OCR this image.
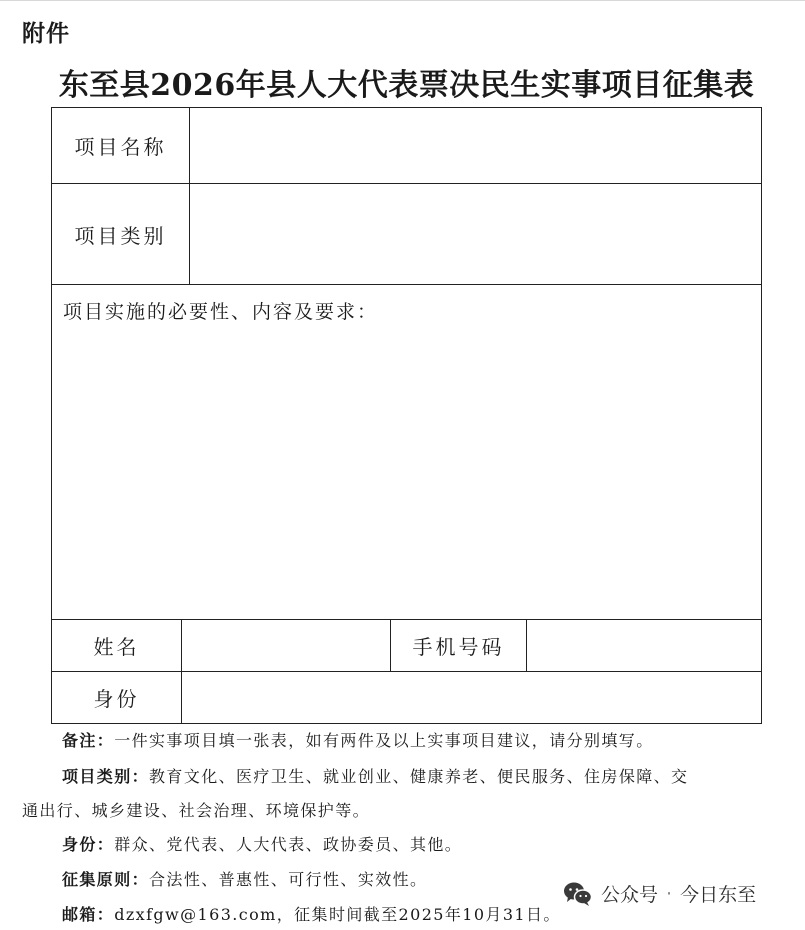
附件
东至县2026年县人大代表票决民生实事项目征集表
项目名称
项目类别
项目实施的必要性、内容及要求：
姓名	手机号码
身份
备注：一件实事项目填一张表，如有两件及以上实事项目建议，请分别填写。
项目类别：教育文化、医疗卫生、就业创业、健康养老、便民服务、住房保障、交
通出行、城乡建设、社会治理、环境保护等。
身份：群众、党代表、人大代表、政协委员、其他。
征集原则：合法性、普惠性、可行性、实效性。
邮箱：dzxfgw@163.com，征集时间截至2025年10月31日。
公众号 · 今日东至
